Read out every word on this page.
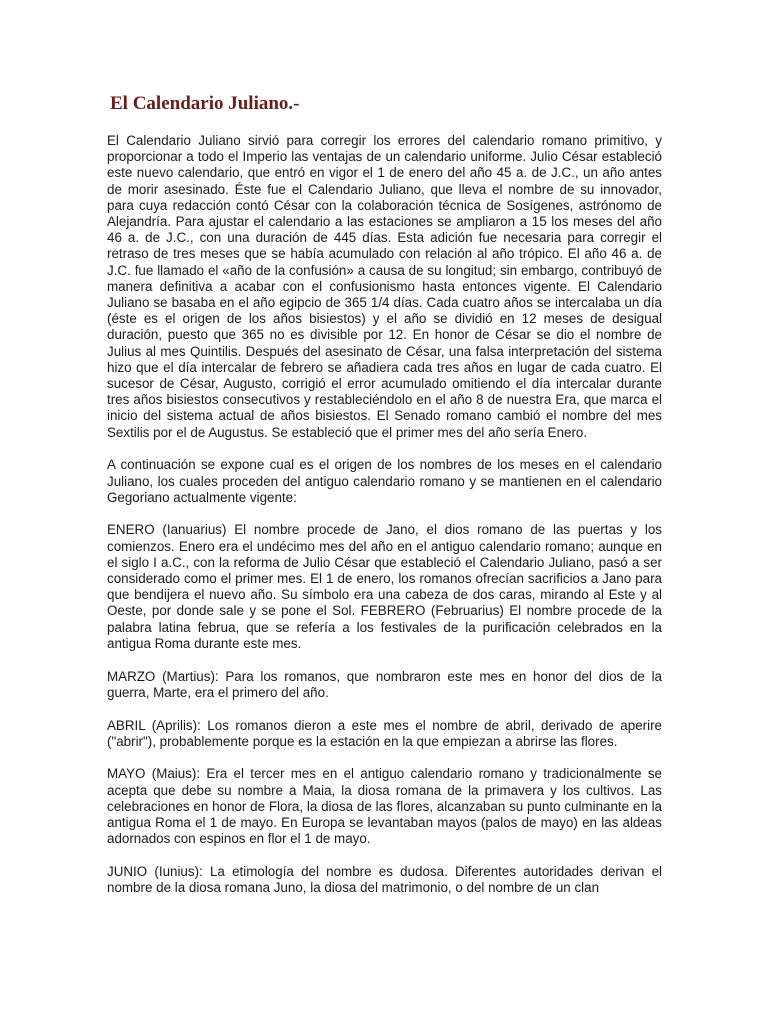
El Calendario Juliano.-

El Calendario Juliano sirvió para corregir los errores del calendario romano primitivo, y proporcionar a todo el Imperio las ventajas de un calendario uniforme. Julio César estableció este nuevo calendario, que entró en vigor el 1 de enero del año 45 a. de J.C., un año antes de morir asesinado. Éste fue el Calendario Juliano, que lleva el nombre de su innovador, para cuya redacción contó César con la colaboración técnica de Sosígenes, astrónomo de Alejandría. Para ajustar el calendario a las estaciones se ampliaron a 15 los meses del año 46 a. de J.C., con una duración de 445 días. Esta adición fue necesaria para corregir el retraso de tres meses que se había acumulado con relación al año trópico. El año 46 a. de J.C. fue llamado el «año de la confusión» a causa de su longitud; sin embargo, contribuyó de manera definitiva a acabar con el confusionismo hasta entonces vigente. El Calendario Juliano se basaba en el año egipcio de 365 1/4 días. Cada cuatro años se intercalaba un día (éste es el origen de los años bisiestos) y el año se dividió en 12 meses de desigual duración, puesto que 365 no es divisible por 12. En honor de César se dio el nombre de Julius al mes Quintilis. Después del asesinato de César, una falsa interpretación del sistema hizo que el día intercalar de febrero se añadiera cada tres años en lugar de cada cuatro. El sucesor de César, Augusto, corrigió el error acumulado omitiendo el día intercalar durante tres años bisiestos consecutivos y restableciéndolo en el año 8 de nuestra Era, que marca el inicio del sistema actual de años bisiestos. El Senado romano cambió el nombre del mes Sextilis por el de Augustus. Se estableció que el primer mes del año sería Enero.

A continuación se expone cual es el origen de los nombres de los meses en el calendario Juliano, los cuales proceden del antiguo calendario romano y se mantienen en el calendario Gegoriano actualmente vigente:

ENERO (Ianuarius) El nombre procede de Jano, el dios romano de las puertas y los comienzos. Enero era el undécimo mes del año en el antiguo calendario romano; aunque en el siglo I a.C., con la reforma de Julio César que estableció el Calendario Juliano, pasó a ser considerado como el primer mes. El 1 de enero, los romanos ofrecían sacrificios a Jano para que bendijera el nuevo año. Su símbolo era una cabeza de dos caras, mirando al Este y al Oeste, por donde sale y se pone el Sol. FEBRERO (Februarius) El nombre procede de la palabra latina februa, que se refería a los festivales de la purificación celebrados en la antigua Roma durante este mes.

MARZO (Martius): Para los romanos, que nombraron este mes en honor del dios de la guerra, Marte, era el primero del año.

ABRIL (Aprilis): Los romanos dieron a este mes el nombre de abril, derivado de aperire ("abrir"), probablemente porque es la estación en la que empiezan a abrirse las flores.

MAYO (Maius): Era el tercer mes en el antiguo calendario romano y tradicionalmente se acepta que debe su nombre a Maia, la diosa romana de la primavera y los cultivos. Las celebraciones en honor de Flora, la diosa de las flores, alcanzaban su punto culminante en la antigua Roma el 1 de mayo. En Europa se levantaban mayos (palos de mayo) en las aldeas adornados con espinos en flor el 1 de mayo.

JUNIO (Iunius): La etimología del nombre es dudosa. Diferentes autoridades derivan el nombre de la diosa romana Juno, la diosa del matrimonio, o del nombre de un clan
